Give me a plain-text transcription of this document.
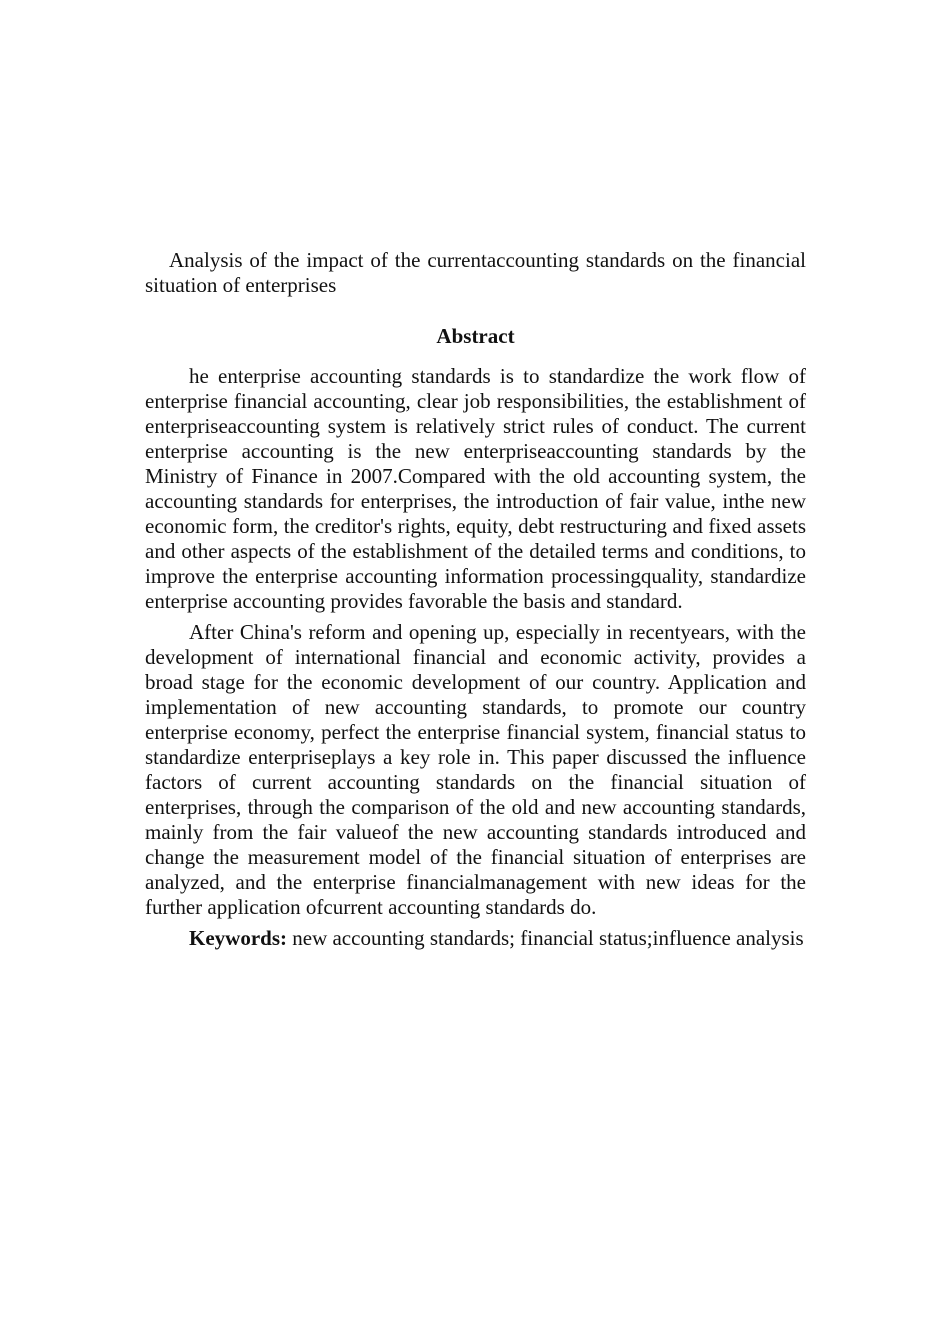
Analysis of the impact of the currentaccounting standards on the financial situation of enterprises

Abstract

he enterprise accounting standards is to standardize the work flow of enterprise financial accounting, clear job responsibilities, the establishment of enterpriseaccounting system is relatively strict rules of conduct. The current enterprise accounting is the new enterpriseaccounting standards by the Ministry of Finance in 2007.Compared with the old accounting system, the accounting standards for enterprises, the introduction of fair value, inthe new economic form, the creditor's rights, equity, debt restructuring and fixed assets and other aspects of the establishment of the detailed terms and conditions, to improve the enterprise accounting information processingquality, standardize enterprise accounting provides favorable the basis and standard.

After China's reform and opening up, especially in recentyears, with the development of international financial and economic activity, provides a broad stage for the economic development of our country. Application and implementation of new accounting standards, to promote our country enterprise economy, perfect the enterprise financial system, financial status to standardize enterpriseplays a key role in. This paper discussed the influence factors of current accounting standards on the financial situation of enterprises, through the comparison of the old and new accounting standards, mainly from the fair valueof the new accounting standards introduced and change the measurement model of the financial situation of enterprises are analyzed, and the enterprise financialmanagement with new ideas for the further application ofcurrent accounting standards do.

Keywords: new accounting standards; financial status;influence analysis
